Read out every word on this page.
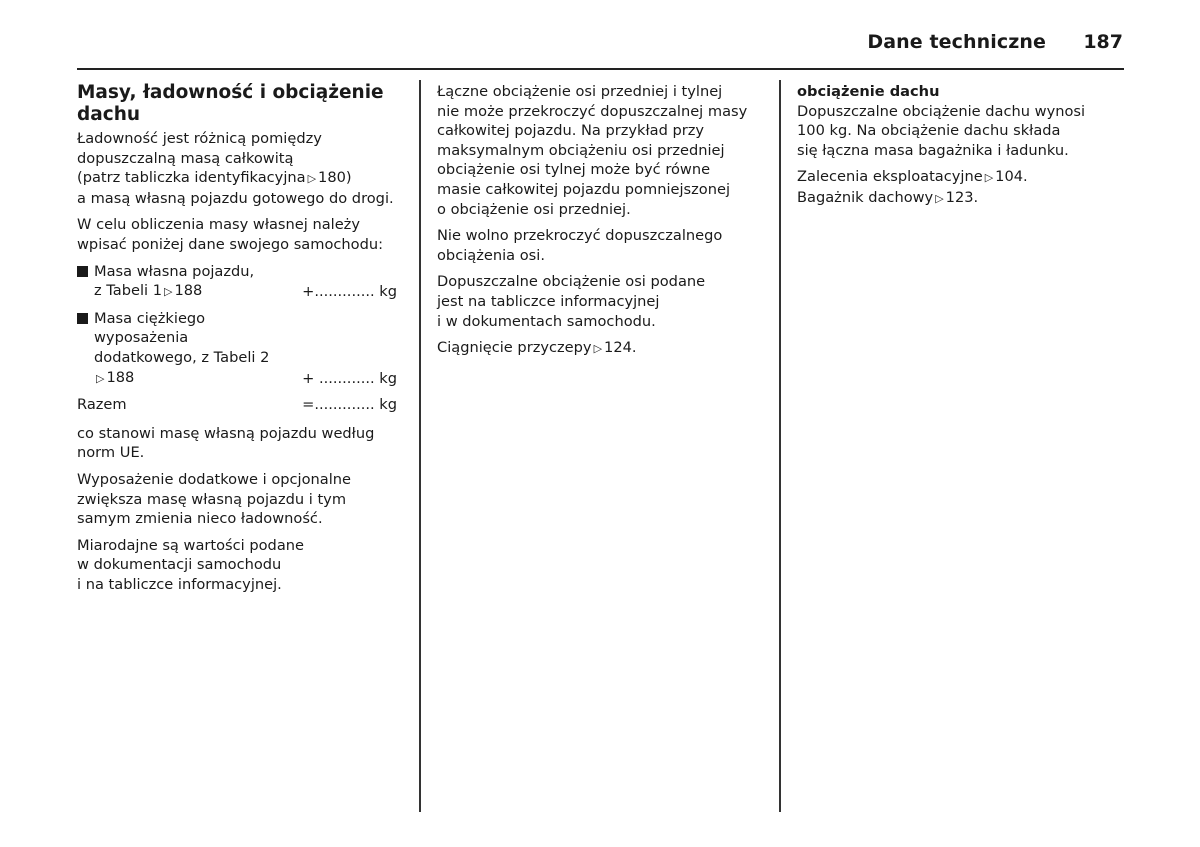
Dane techniczne 187
Masy, ładowność i obciążenie dachu

Ładowność jest różnicą pomiędzy
dopuszczalną masą całkowitą
(patrz tabliczka identyfikacyjna ▷ 180)
a masą własną pojazdu gotowego do drogi.

W celu obliczenia masy własnej należy
wpisać poniżej dane swojego samochodu:

Masa własna pojazdu,
z Tabeli 1 ▷ 188	+............. kg

Masa ciężkiego
wyposażenia
dodatkowego, z Tabeli 2
▷ 188	+ ............ kg

Razem	=............. kg

co stanowi masę własną pojazdu według
norm UE.

Wyposażenie dodatkowe i opcjonalne
zwiększa masę własną pojazdu i tym
samym zmienia nieco ładowność.

Miarodajne są wartości podane
w dokumentacji samochodu
i na tabliczce informacyjnej.

Łączne obciążenie osi przedniej i tylnej
nie może przekroczyć dopuszczalnej masy
całkowitej pojazdu. Na przykład przy
maksymalnym obciążeniu osi przedniej
obciążenie osi tylnej może być równe
masie całkowitej pojazdu pomniejszonej
o obciążenie osi przedniej.

Nie wolno przekroczyć dopuszczalnego
obciążenia osi.

Dopuszczalne obciążenie osi podane
jest na tabliczce informacyjnej
i w dokumentach samochodu.

Ciągnięcie przyczepy ▷ 124.

obciążenie dachu

Dopuszczalne obciążenie dachu wynosi
100 kg. Na obciążenie dachu składa
się łączna masa bagażnika i ładunku.

Zalecenia eksploatacyjne ▷ 104.
Bagażnik dachowy ▷ 123.
